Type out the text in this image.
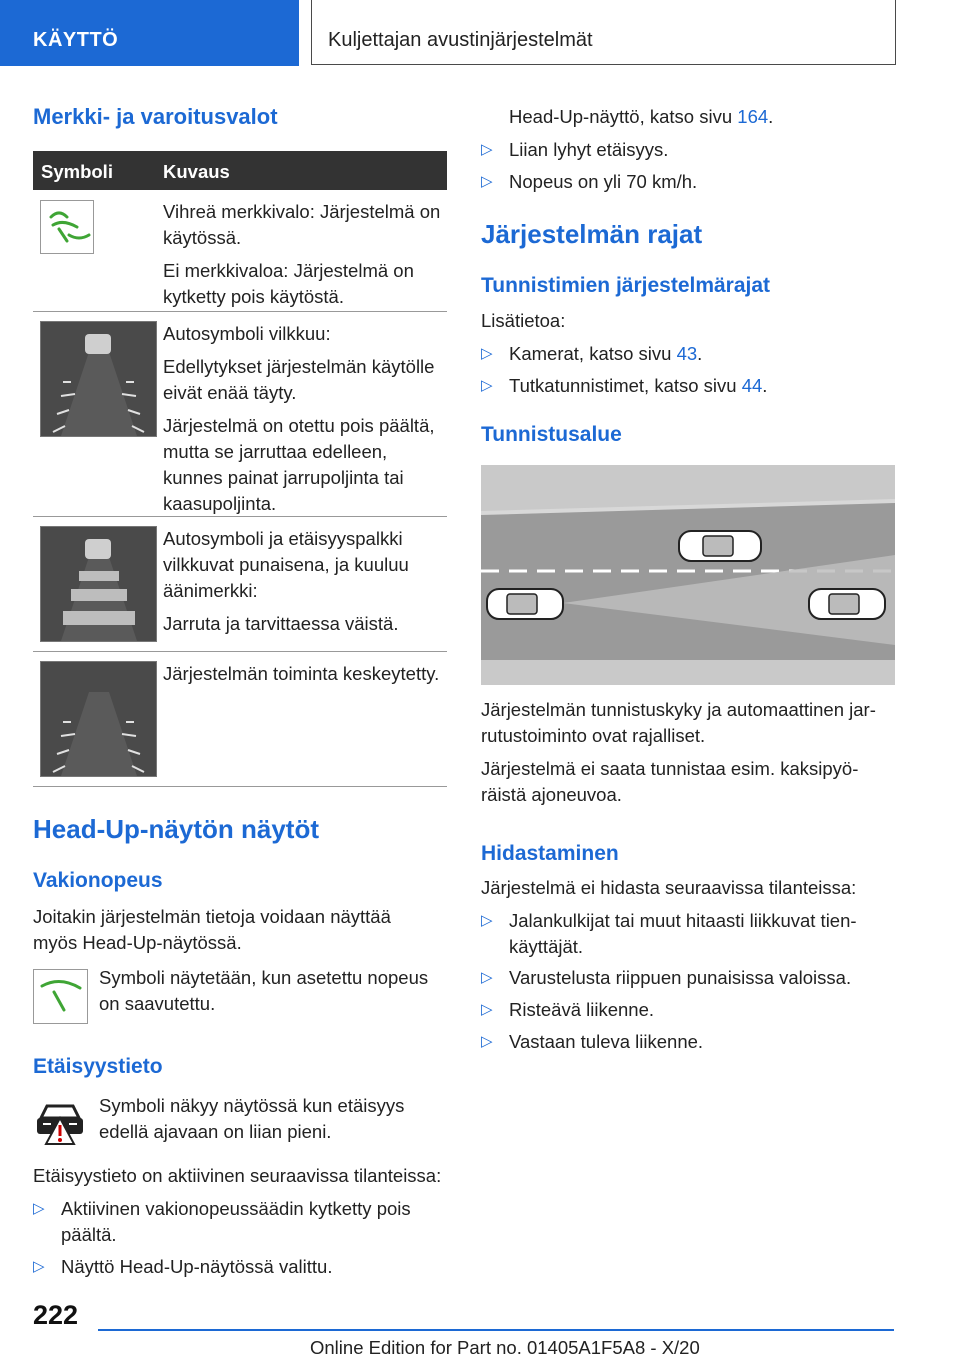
KÄYTTÖ	Kuljettajan avustinjärjestelmät
Merkki- ja varoitusvalot
Symboli	Kuvaus

Vihreä merkkivalo: Järjestelmä on käytössä.

Ei merkkivaloa: Järjestelmä on kytketty pois käytöstä.

Autosymboli vilkkuu:

Edellytykset järjestelmän käytölle eivät enää täyty.

Järjestelmä on otettu pois päältä, mutta se jarruttaa edelleen, kunnes painat jarrupoljinta tai kaasupoljinta.

Autosymboli ja etäisyyspalkki vilkkuvat punaisena, ja kuuluu äänimerkki:

Jarruta ja tarvittaessa väistä.

Järjestelmän toiminta keskeytetty.

Head-Up-näytön näytöt
Vakionopeus
Joitakin järjestelmän tietoja voidaan näyttää myös Head-Up-näytössä.
Symboli näytetään, kun asetettu nopeus on saavutettu.
Etäisyystieto
Symboli näkyy näytössä kun etäisyys edellä ajavaan on liian pieni.
Etäisyystieto on aktiivinen seuraavissa tilanteissa:
▷ Aktiivinen vakionopeussäädin kytketty pois päältä.
▷ Näyttö Head-Up-näytössä valittu.
Head-Up-näyttö, katso sivu 164.
▷ Liian lyhyt etäisyys.
▷ Nopeus on yli 70 km/h.
Järjestelmän rajat
Tunnistimien järjestelmärajat
Lisätietoa:
▷ Kamerat, katso sivu 43.
▷ Tutkatunnistimet, katso sivu 44.
Tunnistusalue
Järjestelmän tunnistuskyky ja automaattinen jarrutustoiminto ovat rajalliset.
Järjestelmä ei saata tunnistaa esim. kaksipyöräistä ajoneuvoa.
Hidastaminen
Järjestelmä ei hidasta seuraavissa tilanteissa:
▷ Jalankulkijat tai muut hitaasti liikkuvat tienkäyttäjät.
▷ Varustelusta riippuen punaisissa valoissa.
▷ Risteävä liikenne.
▷ Vastaan tuleva liikenne.
222
Online Edition for Part no. 01405A1F5A8 - X/20
